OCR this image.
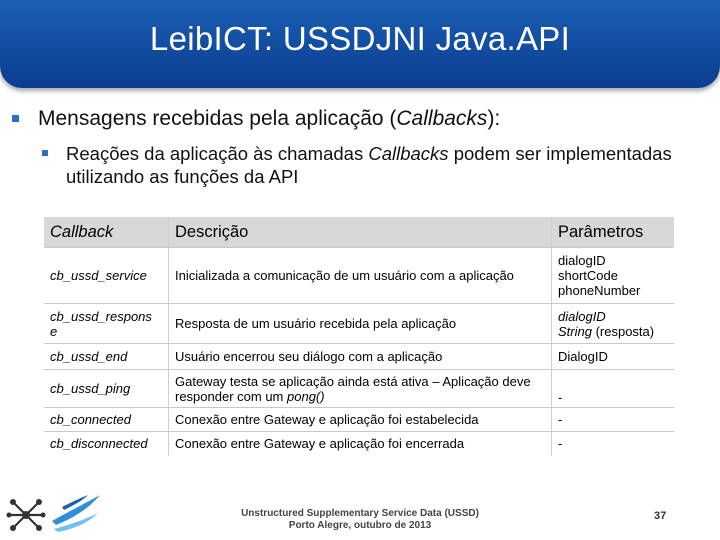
LeibICT: USSDJNI Java.API
Mensagens recebidas pela aplicação (Callbacks):
Reações da aplicação às chamadas Callbacks podem ser implementadas utilizando as funções da API
Callback	Descrição	Parâmetros
cb_ussd_service	Inicializada a comunicação de um usuário com a aplicação	dialogID
shortCode
phoneNumber
cb_ussd_respons e	Resposta de um usuário recebida pela aplicação	dialogID
String (resposta)
cb_ussd_end	Usuário encerrou seu diálogo com a aplicação	DialogID
cb_ussd_ping	Gateway testa se aplicação ainda está ativa – Aplicação deve responder com um pong()	-
cb_connected	Conexão entre Gateway e aplicação foi estabelecida	-
cb_disconnected	Conexão entre Gateway e aplicação foi encerrada	-
Unstructured Supplementary Service Data (USSD)
Porto Alegre, outubro de 2013
37
